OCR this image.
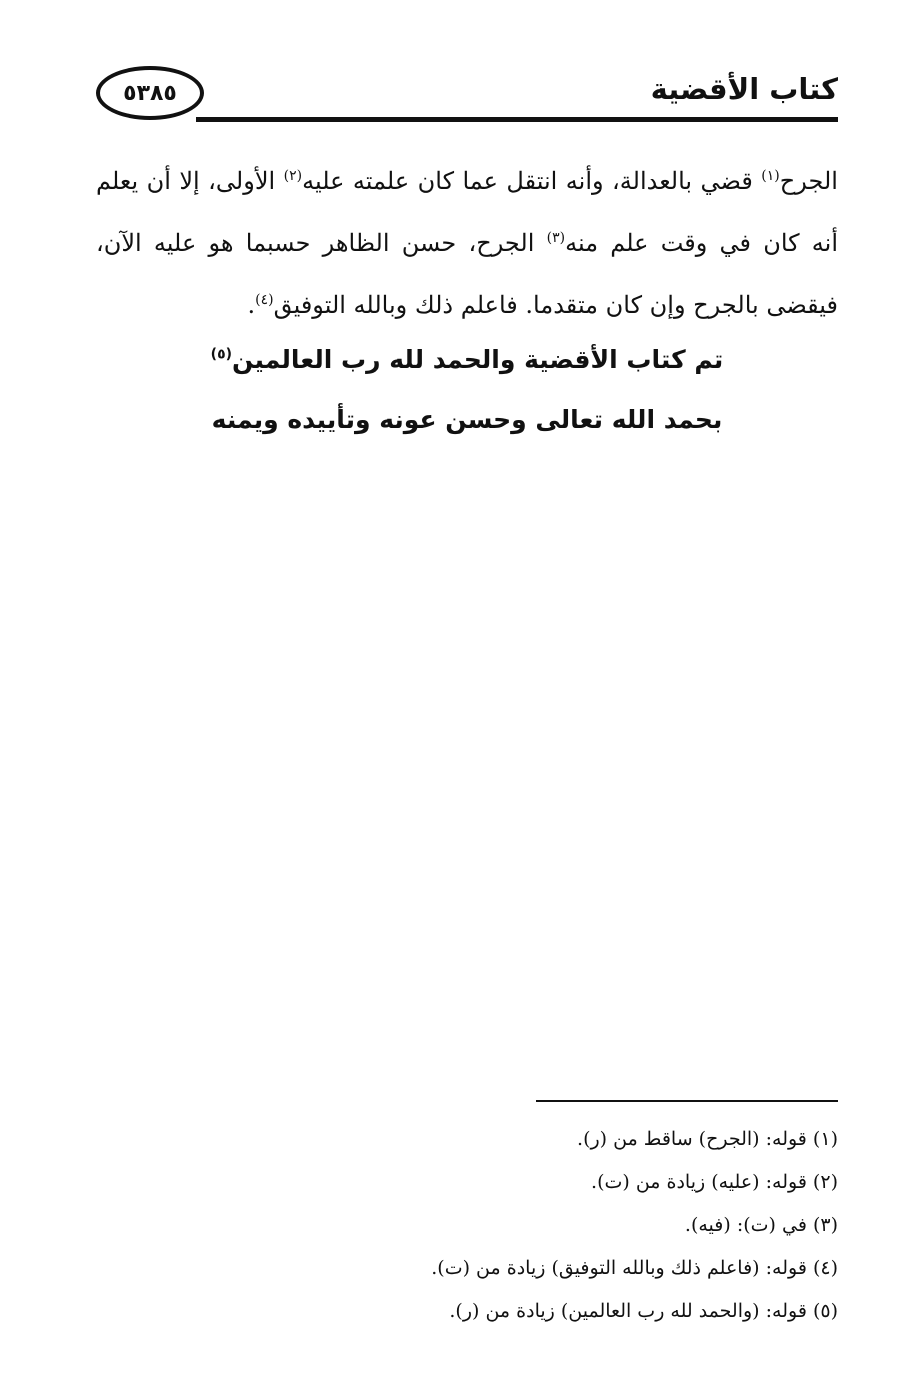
٥٣٨٥	كتاب الأقضية

الجرح$^{(١)}$ قضي بالعدالة، وأنه انتقل عما كان علمته عليه$^{(٢)}$ الأولى، إلا أن يعلم أنه كان في وقت علم منه$^{(٣)}$ الجرح، حسن الظاهر حسبما هو عليه الآن، فيقضى بالجرح وإن كان متقدما. فاعلم ذلك وبالله التوفيق$^{(٤)}$.

تم كتاب الأقضية والحمد لله رب العالمين$^{(٥)}$
بحمد الله تعالى وحسن عونه وتأييده ويمنه
(١) قوله: (الجرح) ساقط من (ر).
(٢) قوله: (عليه) زيادة من (ت).
(٣) في (ت): (فيه).
(٤) قوله: (فاعلم ذلك وبالله التوفيق) زيادة من (ت).
(٥) قوله: (والحمد لله رب العالمين) زيادة من (ر).
